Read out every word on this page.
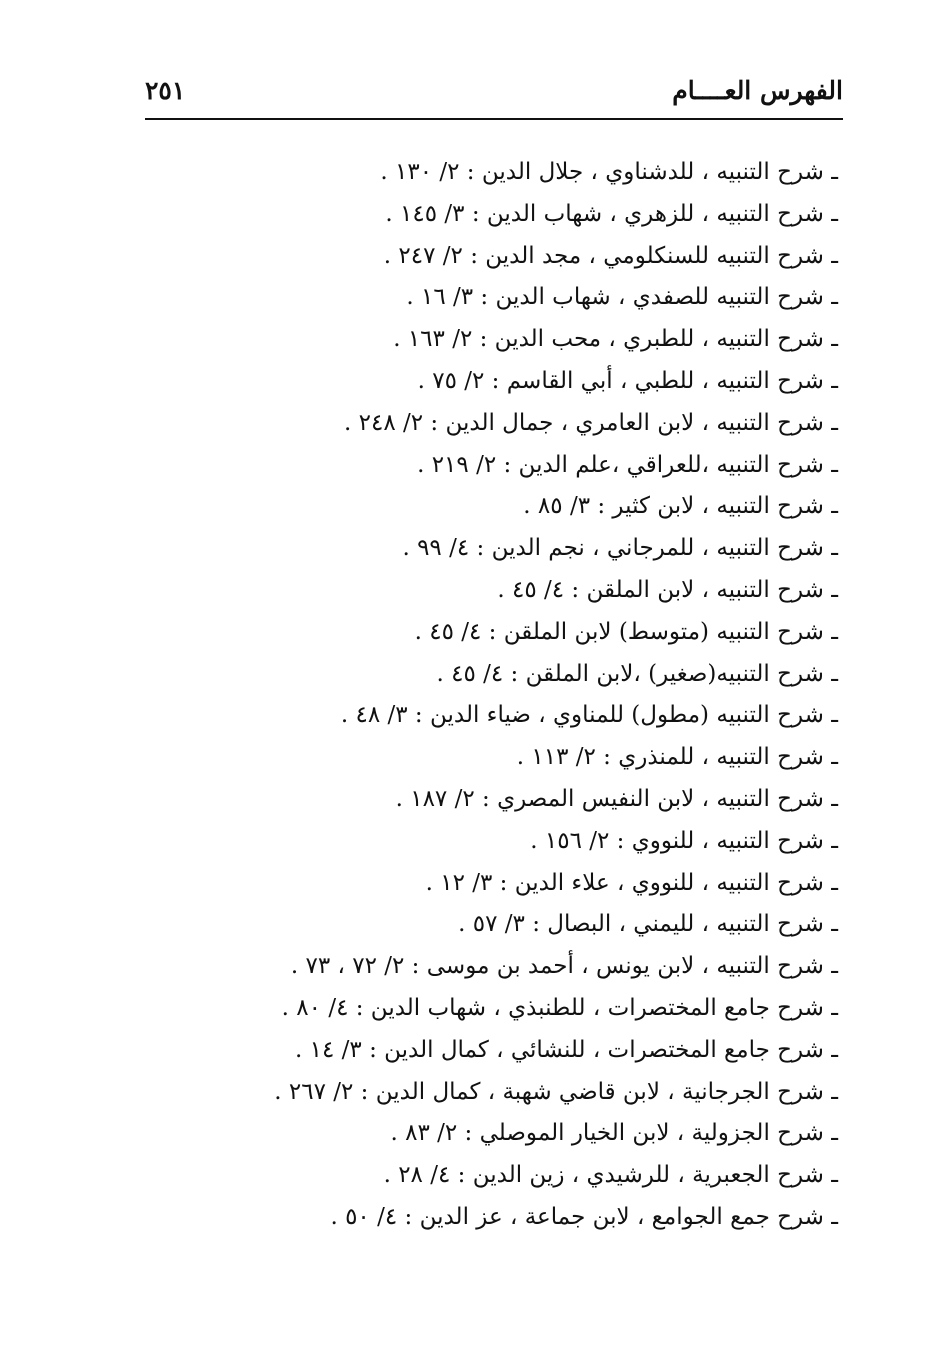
الفهرس العــــام
٢٥١
ـ شرح التنبيه ، للدشناوي ، جلال الدين : ٢/ ١٣٠ .
ـ شرح التنبيه ، للزهري ، شهاب الدين : ٣/ ١٤٥ .
ـ شرح التنبيه للسنكلومي ، مجد الدين : ٢/ ٢٤٧ .
ـ شرح التنبيه للصفدي ، شهاب الدين : ٣/ ١٦ .
ـ شرح التنبيه ، للطبري ، محب الدين : ٢/ ١٦٣ .
ـ شرح التنبيه ، للطبي ، أبي القاسم : ٢/ ٧٥ .
ـ شرح التنبيه ، لابن العامري ، جمال الدين : ٢/ ٢٤٨ .
ـ شرح التنبيه ،للعراقي ،علم الدين : ٢/ ٢١٩ .
ـ شرح التنبيه ، لابن كثير : ٣/ ٨٥ .
ـ شرح التنبيه ، للمرجاني ، نجم الدين : ٤/ ٩٩ .
ـ شرح التنبيه ، لابن الملقن : ٤/ ٤٥ .
ـ شرح التنبيه (متوسط) لابن الملقن : ٤/ ٤٥ .
ـ شرح التنبيه(صغير) ،لابن الملقن : ٤/ ٤٥ .
ـ شرح التنبيه (مطول) للمناوي ، ضياء الدين : ٣/ ٤٨ .
ـ شرح التنبيه ، للمنذري : ٢/ ١١٣ .
ـ شرح التنبيه ، لابن النفيس المصري : ٢/ ١٨٧ .
ـ شرح التنبيه ، للنووي : ٢/ ١٥٦ .
ـ شرح التنبيه ، للنووي ، علاء الدين : ٣/ ١٢ .
ـ شرح التنبيه ، لليمني ، البصال : ٣/ ٥٧ .
ـ شرح التنبيه ، لابن يونس ، أحمد بن موسى : ٢/ ٧٢ ، ٧٣ .
ـ شرح جامع المختصرات ، للطنبذي ، شهاب الدين : ٤/ ٨٠ .
ـ شرح جامع المختصرات ، للنشائي ، كمال الدين : ٣/ ١٤ .
ـ شرح الجرجانية ، لابن قاضي شهبة ، كمال الدين : ٢/ ٢٦٧ .
ـ شرح الجزولية ، لابن الخيار الموصلي : ٢/ ٨٣ .
ـ شرح الجعبرية ، للرشيدي ، زين الدين : ٤/ ٢٨ .
ـ شرح جمع الجوامع ، لابن جماعة ، عز الدين : ٤/ ٥٠ .
